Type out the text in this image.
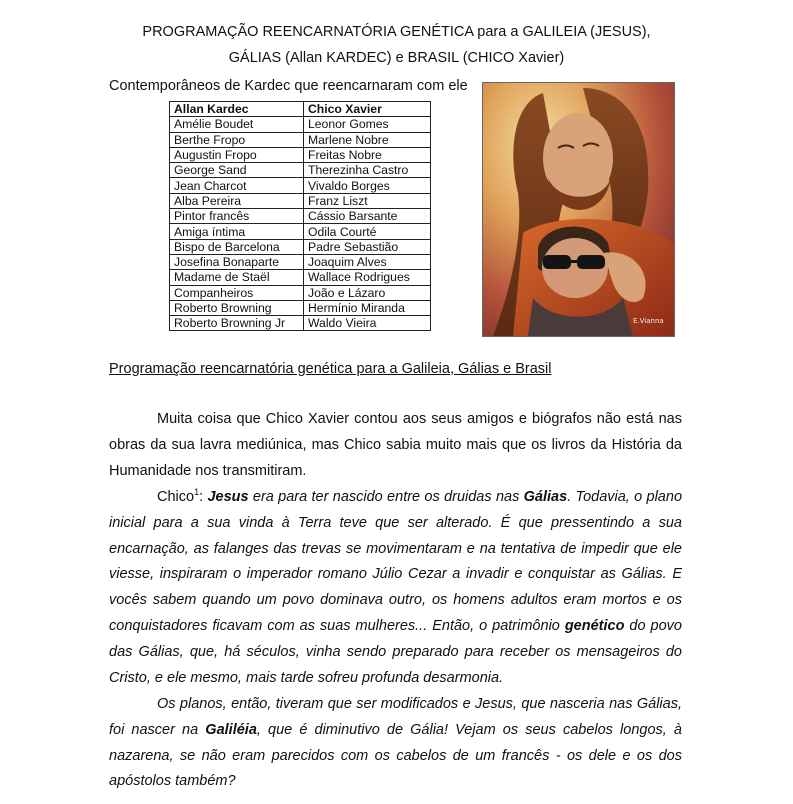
PROGRAMAÇÃO REENCARNATÓRIA GENÉTICA para a GALILEIA (JESUS),
GÁLIAS (Allan KARDEC) e BRASIL (CHICO Xavier)
Contemporâneos de Kardec que reencarnaram com ele
Allan Kardec	Chico Xavier
Amélie Boudet	Leonor Gomes
Berthe Fropo	Marlene Nobre
Augustin Fropo	Freitas Nobre
George Sand	Therezinha Castro
Jean Charcot	Vivaldo Borges
Alba Pereira	Franz Liszt
Pintor francês	Cássio Barsante
Amiga íntima	Odila Courté
Bispo de Barcelona	Padre Sebastião
Josefina Bonaparte	Joaquim Alves
Madame de Staël	Wallace Rodrigues
Companheiros	João e Lázaro
Roberto Browning	Hermínio Miranda
Roberto Browning Jr	Waldo Vieira	E.Vianna
Programação reencarnatória genética para a Galileia, Gálias e Brasil

Muita coisa que Chico Xavier contou aos seus amigos e biógrafos não está nas obras da sua lavra mediúnica, mas Chico sabia muito mais que os livros da História da Humanidade nos transmitiram.

Chico$^1$: Jesus era para ter nascido entre os druidas nas Gálias. Todavia, o plano inicial para a sua vinda à Terra teve que ser alterado. É que pressentindo a sua encarnação, as falanges das trevas se movimentaram e na tentativa de impedir que ele viesse, inspiraram o imperador romano Júlio Cezar a invadir e conquistar as Gálias. E vocês sabem quando um povo dominava outro, os homens adultos eram mortos e os conquistadores ficavam com as suas mulheres... Então, o patrimônio genético do povo das Gálias, que, há séculos, vinha sendo preparado para receber os mensageiros do Cristo, e ele mesmo, mais tarde sofreu profunda desarmonia.

Os planos, então, tiveram que ser modificados e Jesus, que nasceria nas Gálias, foi nascer na Galiléia, que é diminutivo de Gália! Vejam os seus cabelos longos, à nazarena, se não eram parecidos com os cabelos de um francês - os dele e os dos apóstolos também?
